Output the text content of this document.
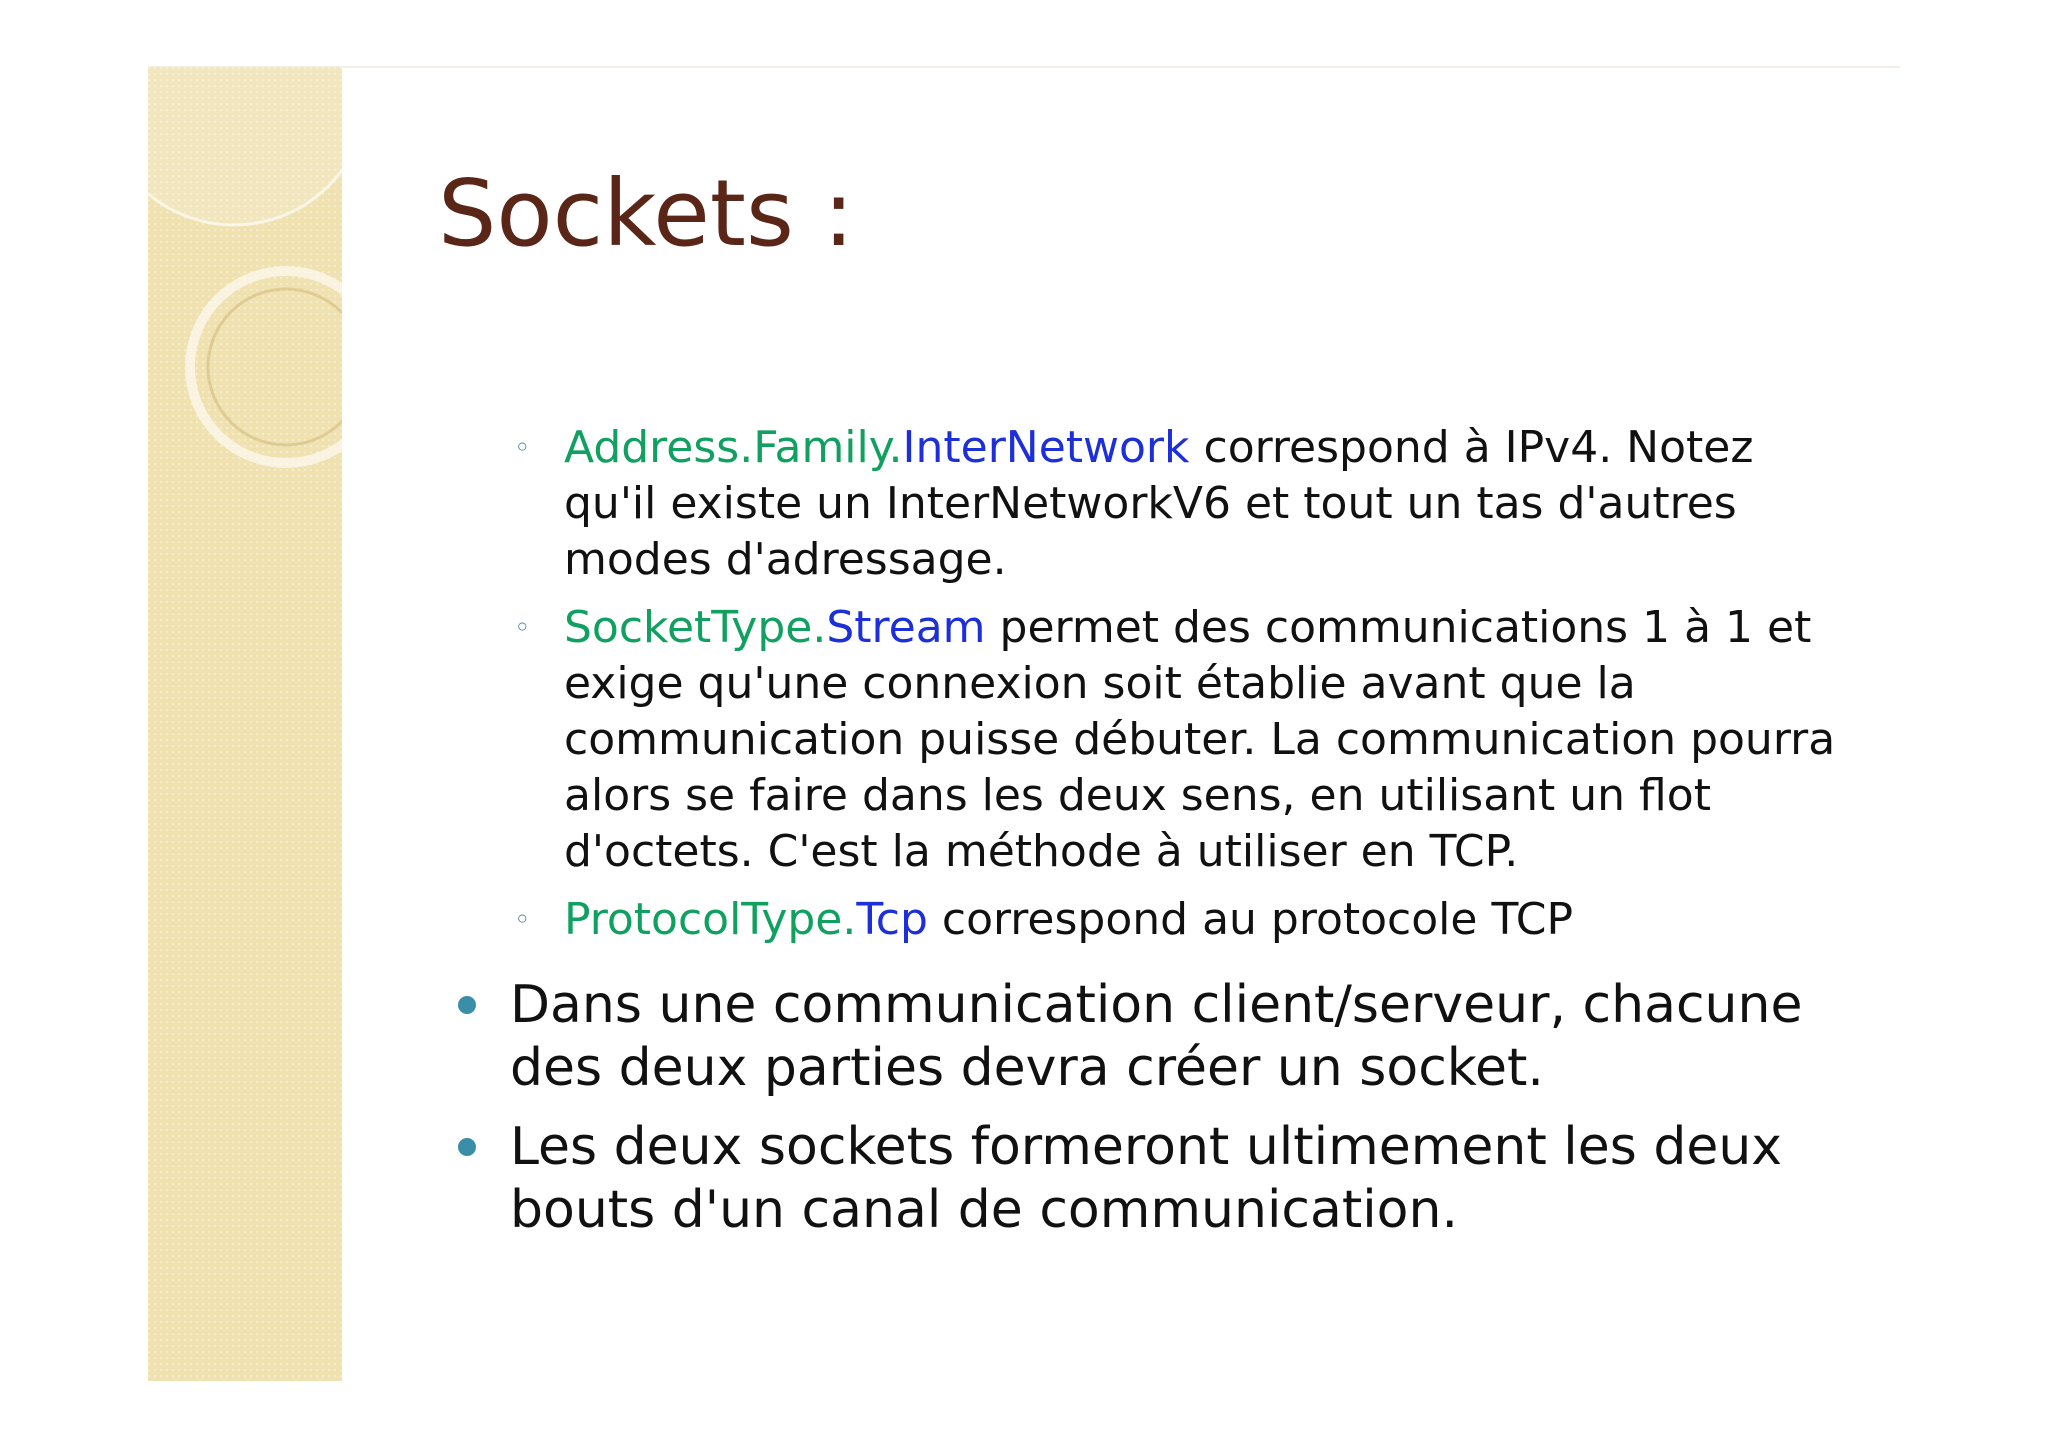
Sockets :
◦ Address.Family.InterNetwork correspond à IPv4. Notez qu'il existe un InterNetworkV6 et tout un tas d'autres modes d'adressage.
◦ SocketType.Stream permet des communications 1 à 1 et exige qu'une connexion soit établie avant que la communication puisse débuter. La communication pourra alors se faire dans les deux sens, en utilisant un flot d'octets. C'est la méthode à utiliser en TCP.
◦ ProtocolType.Tcp correspond au protocole TCP
Dans une communication client/serveur, chacune des deux parties devra créer un socket.
Les deux sockets formeront ultimement les deux bouts d'un canal de communication.
